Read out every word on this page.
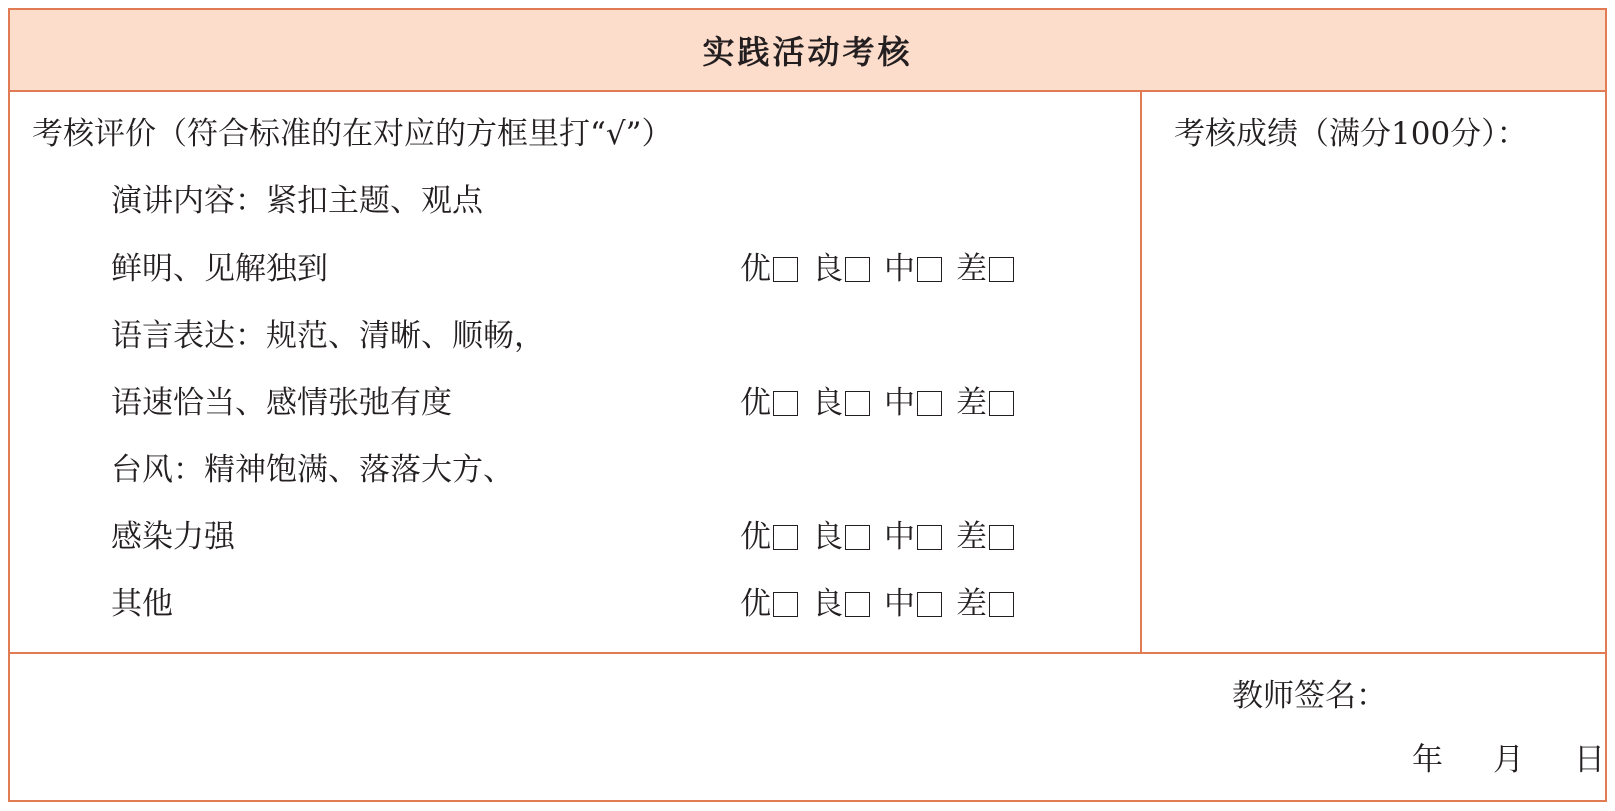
实践活动考核
考核评价（符合标准的在对应的方框里打“√”）
演讲内容：紧扣主题、观点
鲜明、见解独到	优 良 中 差
语言表达：规范、清晰、顺畅，
语速恰当、感情张弛有度	优 良 中 差
台风：精神饱满、落落大方、
感染力强	优 良 中 差
其他	优 良 中 差
考核成绩（满分100分）：
教师签名：
年 月 日
